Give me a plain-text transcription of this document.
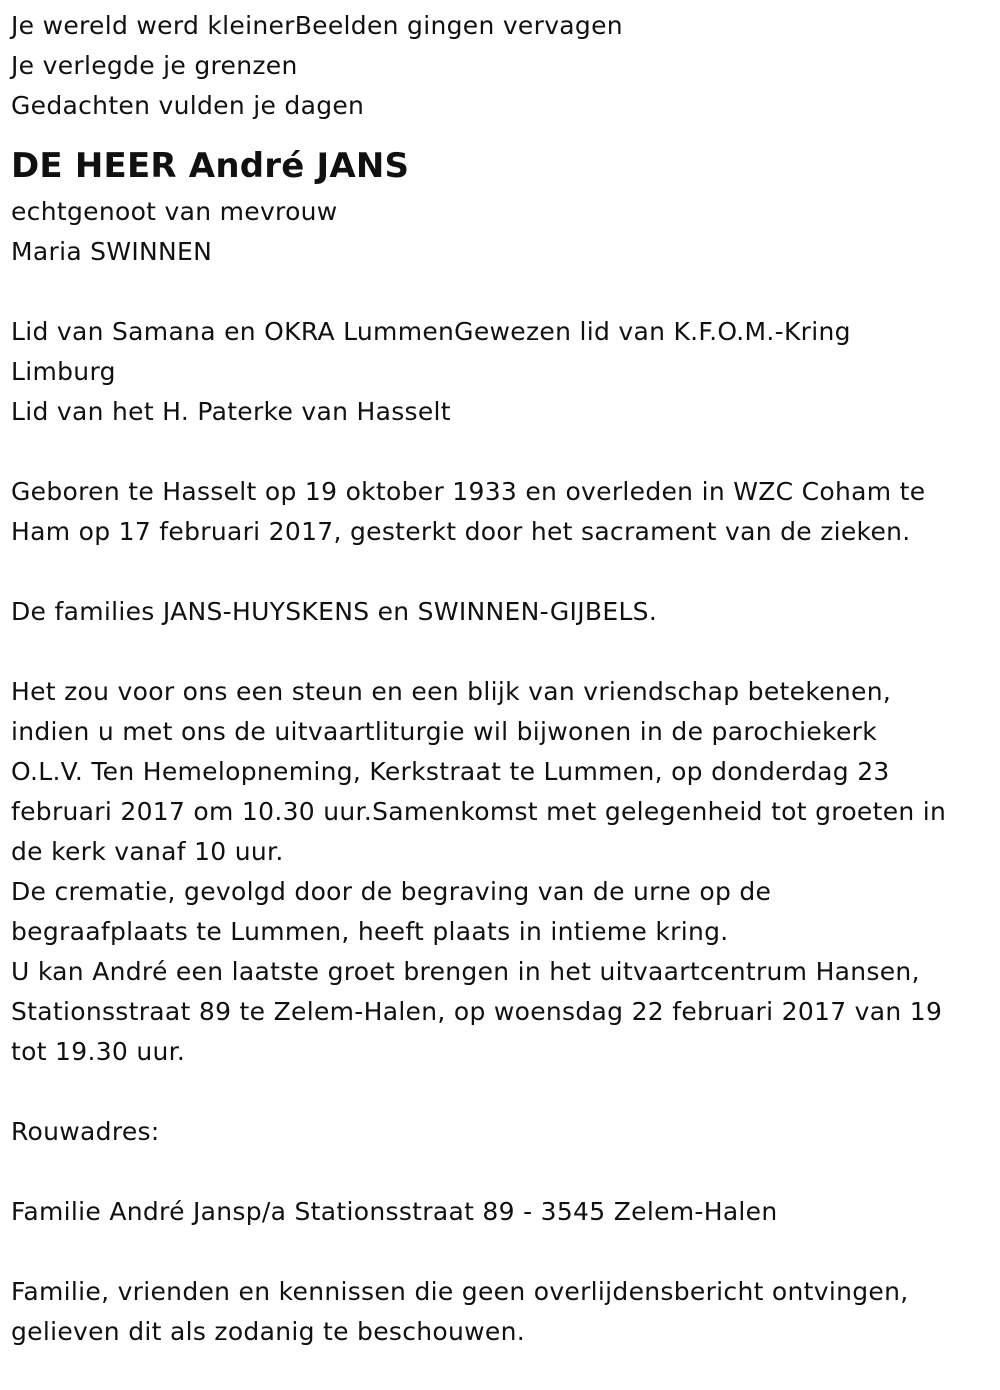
Je wereld werd kleinerBeelden gingen vervagen
Je verlegde je grenzen
Gedachten vulden je dagen
DE HEER André JANS
echtgenoot van mevrouw
Maria SWINNEN
Lid van Samana en OKRA LummenGewezen lid van K.F.O.M.-Kring
Limburg
Lid van het H. Paterke van Hasselt
Geboren te Hasselt op 19 oktober 1933 en overleden in WZC Coham te
Ham op 17 februari 2017, gesterkt door het sacrament van de zieken.
De families JANS-HUYSKENS en SWINNEN-GIJBELS.
Het zou voor ons een steun en een blijk van vriendschap betekenen,
indien u met ons de uitvaartliturgie wil bijwonen in de parochiekerk
O.L.V. Ten Hemelopneming, Kerkstraat te Lummen, op donderdag 23
februari 2017 om 10.30 uur.Samenkomst met gelegenheid tot groeten in
de kerk vanaf 10 uur.
De crematie, gevolgd door de begraving van de urne op de
begraafplaats te Lummen, heeft plaats in intieme kring.
U kan André een laatste groet brengen in het uitvaartcentrum Hansen,
Stationsstraat 89 te Zelem-Halen, op woensdag 22 februari 2017 van 19
tot 19.30 uur.
Rouwadres:
Familie André Jansp/a Stationsstraat 89 - 3545 Zelem-Halen
Familie, vrienden en kennissen die geen overlijdensbericht ontvingen,
gelieven dit als zodanig te beschouwen.
